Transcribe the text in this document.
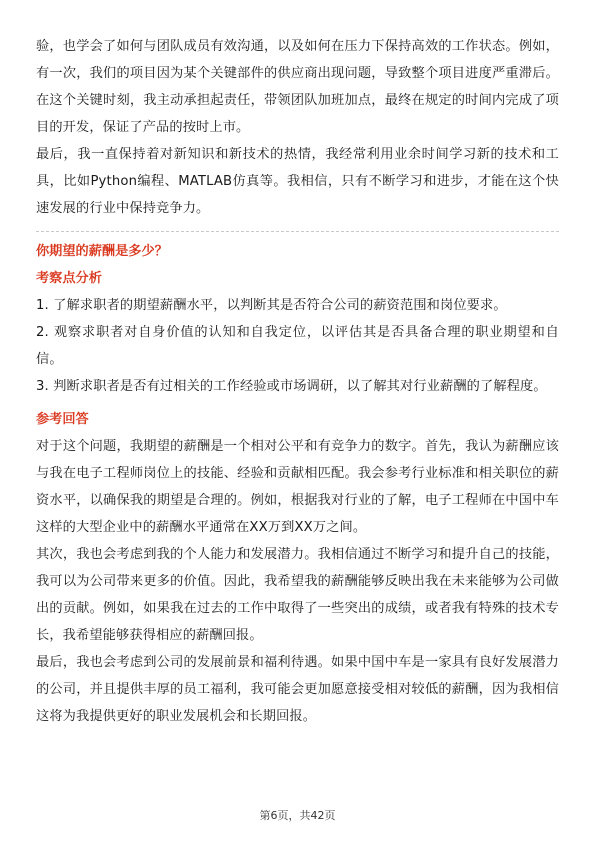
验，也学会了如何与团队成员有效沟通，以及如何在压力下保持高效的工作状态。例如，有一次，我们的项目因为某个关键部件的供应商出现问题，导致整个项目进度严重滞后。在这个关键时刻，我主动承担起责任，带领团队加班加点，最终在规定的时间内完成了项目的开发，保证了产品的按时上市。

最后，我一直保持着对新知识和新技术的热情，我经常利用业余时间学习新的技术和工具，比如Python编程、MATLAB仿真等。我相信，只有不断学习和进步，才能在这个快速发展的行业中保持竞争力。

你期望的薪酬是多少？

考察点分析

1. 了解求职者的期望薪酬水平，以判断其是否符合公司的薪资范围和岗位要求。

2. 观察求职者对自身价值的认知和自我定位，以评估其是否具备合理的职业期望和自信。

3. 判断求职者是否有过相关的工作经验或市场调研，以了解其对行业薪酬的了解程度。

参考回答

对于这个问题，我期望的薪酬是一个相对公平和有竞争力的数字。首先，我认为薪酬应该与我在电子工程师岗位上的技能、经验和贡献相匹配。我会参考行业标准和相关职位的薪资水平，以确保我的期望是合理的。例如，根据我对行业的了解，电子工程师在中国中车这样的大型企业中的薪酬水平通常在XX万到XX万之间。

其次，我也会考虑到我的个人能力和发展潜力。我相信通过不断学习和提升自己的技能，我可以为公司带来更多的价值。因此，我希望我的薪酬能够反映出我在未来能够为公司做出的贡献。例如，如果我在过去的工作中取得了一些突出的成绩，或者我有特殊的技术专长，我希望能够获得相应的薪酬回报。

最后，我也会考虑到公司的发展前景和福利待遇。如果中国中车是一家具有良好发展潜力的公司，并且提供丰厚的员工福利，我可能会更加愿意接受相对较低的薪酬，因为我相信这将为我提供更好的职业发展机会和长期回报。

第6页，共42页
